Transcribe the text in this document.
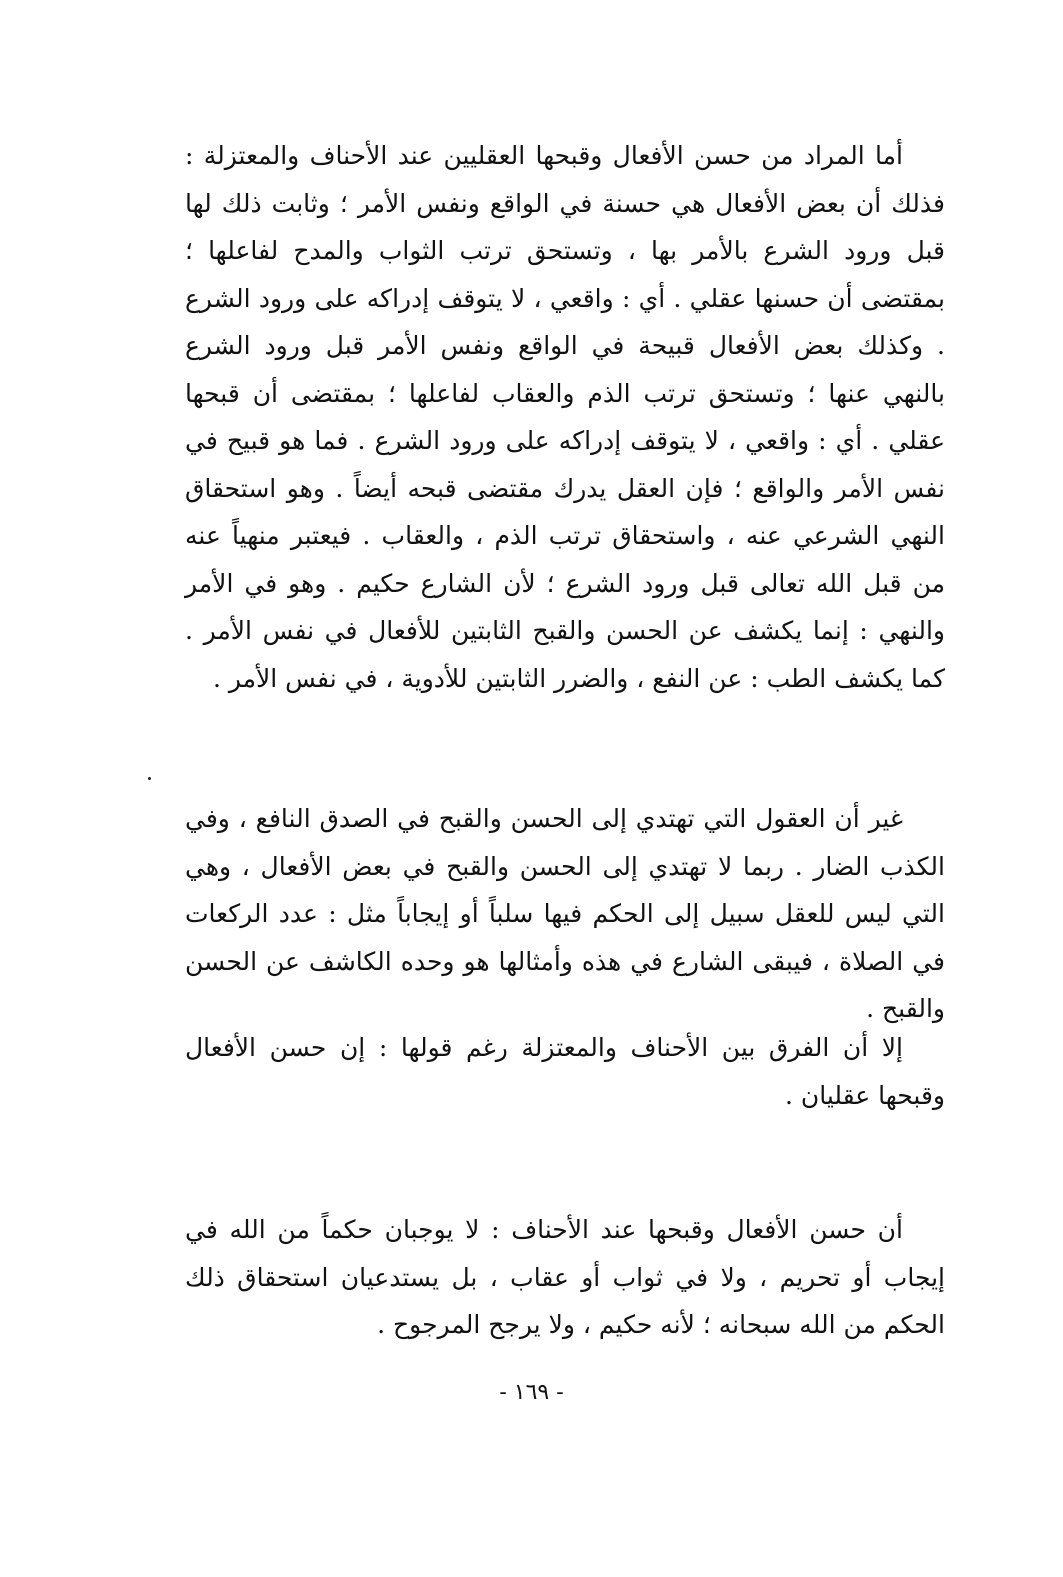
أما المراد من حسن الأفعال وقبحها العقليين عند الأحناف والمعتزلة : فذلك أن بعض الأفعال هي حسنة في الواقع ونفس الأمر ؛ وثابت ذلك لها قبل ورود الشرع بالأمر بها ، وتستحق ترتب الثواب والمدح لفاعلها ؛ بمقتضى أن حسنها عقلي . أي : واقعي ، لا يتوقف إدراكه على ورود الشرع . وكذلك بعض الأفعال قبيحة في الواقع ونفس الأمر قبل ورود الشرع بالنهي عنها ؛ وتستحق ترتب الذم والعقاب لفاعلها ؛ بمقتضى أن قبحها عقلي . أي : واقعي ، لا يتوقف إدراكه على ورود الشرع . فما هو قبيح في نفس الأمر والواقع ؛ فإن العقل يدرك مقتضى قبحه أيضاً . وهو استحقاق النهي الشرعي عنه ، واستحقاق ترتب الذم ، والعقاب . فيعتبر منهياً عنه من قبل الله تعالى قبل ورود الشرع ؛ لأن الشارع حكيم . وهو في الأمر والنهي : إنما يكشف عن الحسن والقبح الثابتين للأفعال في نفس الأمر . كما يكشف الطب : عن النفع ، والضرر الثابتين للأدوية ، في نفس الأمر .

غير أن العقول التي تهتدي إلى الحسن والقبح في الصدق النافع ، وفي الكذب الضار . ربما لا تهتدي إلى الحسن والقبح في بعض الأفعال ، وهي التي ليس للعقل سبيل إلى الحكم فيها سلباً أو إيجاباً مثل : عدد الركعات في الصلاة ، فيبقى الشارع في هذه وأمثالها هو وحده الكاشف عن الحسن والقبح .

إلا أن الفرق بين الأحناف والمعتزلة رغم قولها : إن حسن الأفعال وقبحها عقليان .

أن حسن الأفعال وقبحها عند الأحناف : لا يوجبان حكماً من الله في إيجاب أو تحريم ، ولا في ثواب أو عقاب ، بل يستدعيان استحقاق ذلك الحكم من الله سبحانه ؛ لأنه حكيم ، ولا يرجح المرجوح .

- ١٦٩ -
